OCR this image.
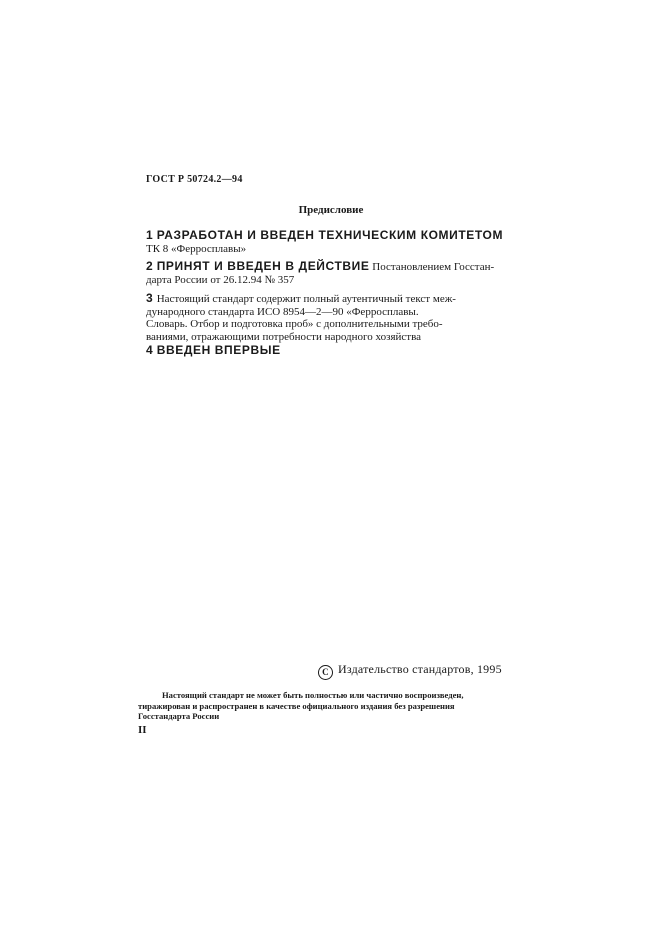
ГОСТ Р 50724.2—94
Предисловие
1 РАЗРАБОТАН И ВВЕДЕН ТЕХНИЧЕСКИМ КОМИТЕТОМ
ТК 8 «Ферросплавы»
2 ПРИНЯТ И ВВЕДЕН В ДЕЙСТВИЕ Постановлением Госстан-
дарта России от 26.12.94 № 357
3 Настоящий стандарт содержит полный аутентичный текст меж-
дународного стандарта ИСО 8954—2—90 «Ферросплавы.
Словарь. Отбор и подготовка проб» с дополнительными требо-
ваниями, отражающими потребности народного хозяйства
4 ВВЕДЕН ВПЕРВЫЕ
С Издательство стандартов, 1995
Настоящий стандарт не может быть полностью или частично воспроизведен,
тиражирован и распространен в качестве официального издания без разрешения
Госстандарта России
II
